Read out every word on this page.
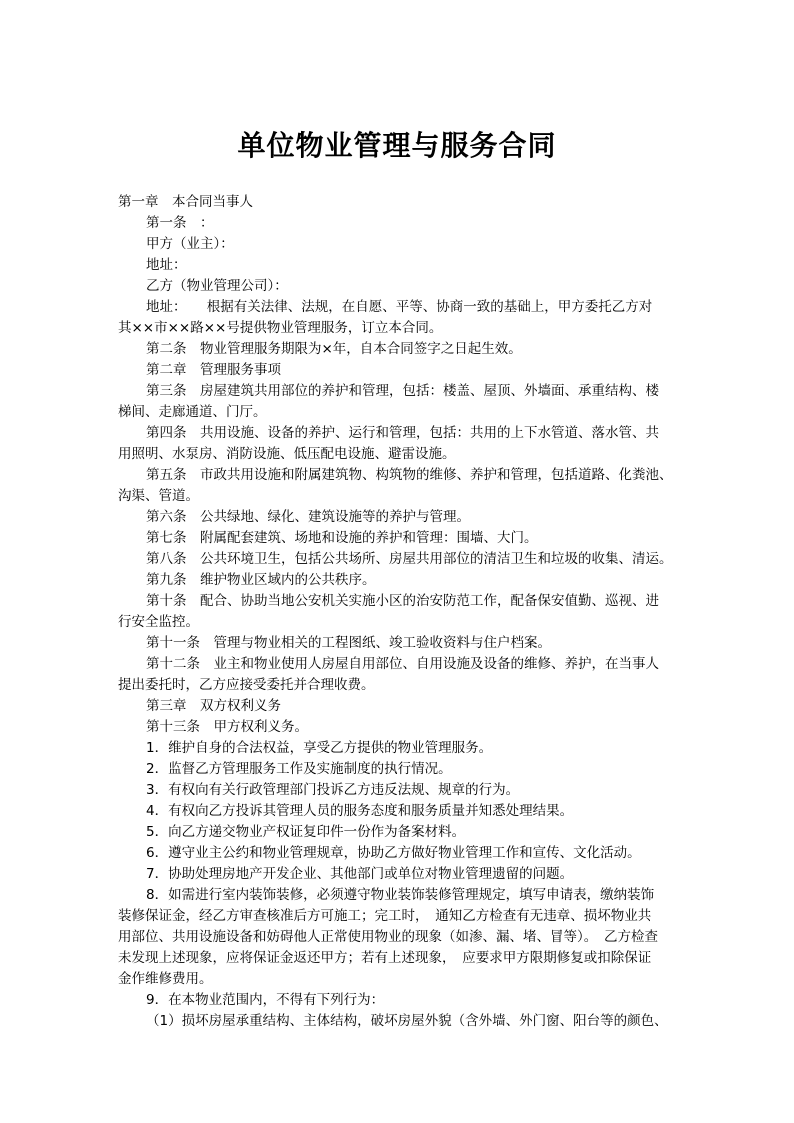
单位物业管理与服务合同
第一章　本合同当事人
第一条　：
甲方（业主）：
地址：
乙方（物业管理公司）：
地址：　　根据有关法律、法规，在自愿、平等、协商一致的基础上，甲方委托乙方对
其××市××路××号提供物业管理服务，订立本合同。
第二条　物业管理服务期限为×年，自本合同签字之日起生效。
第二章　管理服务事项
第三条　房屋建筑共用部位的养护和管理，包括：楼盖、屋顶、外墙面、承重结构、楼
梯间、走廊通道、门厅。
第四条　共用设施、设备的养护、运行和管理，包括：共用的上下水管道、落水管、共
用照明、水泵房、消防设施、低压配电设施、避雷设施。
第五条　市政共用设施和附属建筑物、构筑物的维修、养护和管理，包括道路、化粪池、
沟渠、管道。
第六条　公共绿地、绿化、建筑设施等的养护与管理。
第七条　附属配套建筑、场地和设施的养护和管理：围墙、大门。
第八条　公共环境卫生，包括公共场所、房屋共用部位的清洁卫生和垃圾的收集、清运。
第九条　维护物业区域内的公共秩序。
第十条　配合、协助当地公安机关实施小区的治安防范工作，配备保安值勤、巡视、进
行安全监控。
第十一条　管理与物业相关的工程图纸、竣工验收资料与住户档案。
第十二条　业主和物业使用人房屋自用部位、自用设施及设备的维修、养护，在当事人
提出委托时，乙方应接受委托并合理收费。
第三章　双方权利义务
第十三条　甲方权利义务。
1．维护自身的合法权益，享受乙方提供的物业管理服务。
2．监督乙方管理服务工作及实施制度的执行情况。
3．有权向有关行政管理部门投诉乙方违反法规、规章的行为。
4．有权向乙方投诉其管理人员的服务态度和服务质量并知悉处理结果。
5．向乙方递交物业产权证复印件一份作为备案材料。
6．遵守业主公约和物业管理规章，协助乙方做好物业管理工作和宣传、文化活动。
7．协助处理房地产开发企业、其他部门或单位对物业管理遗留的问题。
8．如需进行室内装饰装修，必须遵守物业装饰装修管理规定，填写申请表，缴纳装饰
装修保证金，经乙方审查核准后方可施工；完工时，　通知乙方检查有无违章、损坏物业共
用部位、共用设施设备和妨碍他人正常使用物业的现象（如渗、漏、堵、冒等）。　乙方检查
未发现上述现象，应将保证金返还甲方；若有上述现象，　应要求甲方限期修复或扣除保证
金作维修费用。
9．在本物业范围内，不得有下列行为：
（1）损坏房屋承重结构、主体结构，破坏房屋外貌（含外墙、外门窗、阳台等的颜色、
